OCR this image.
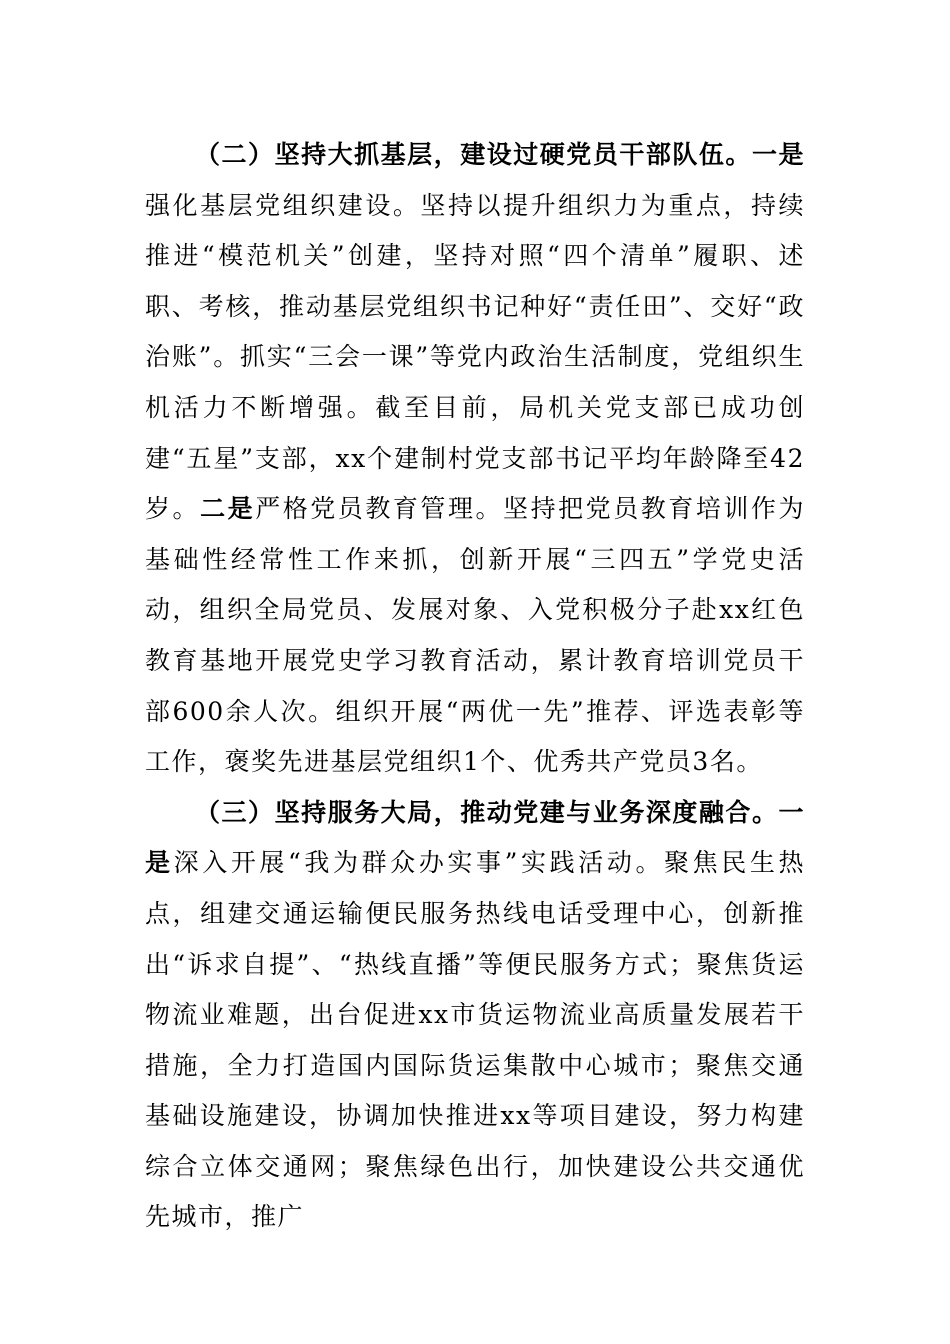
（二）坚持大抓基层，建设过硬党员干部队伍。一是强化基层党组织建设。坚持以提升组织力为重点，持续推进“模范机关”创建，坚持对照“四个清单”履职、述职、考核，推动基层党组织书记种好“责任田”、交好“政治账”。抓实“三会一课”等党内政治生活制度，党组织生机活力不断增强。截至目前，局机关党支部已成功创建“五星”支部，xx个建制村党支部书记平均年龄降至42岁。二是严格党员教育管理。坚持把党员教育培训作为基础性经常性工作来抓，创新开展“三四五”学党史活动，组织全局党员、发展对象、入党积极分子赴xx红色教育基地开展党史学习教育活动，累计教育培训党员干部600余人次。组织开展“两优一先”推荐、评选表彰等工作，褒奖先进基层党组织1个、优秀共产党员3名。

（三）坚持服务大局，推动党建与业务深度融合。一是深入开展“我为群众办实事”实践活动。聚焦民生热点，组建交通运输便民服务热线电话受理中心，创新推出“诉求自提”、“热线直播”等便民服务方式；聚焦货运物流业难题，出台促进xx市货运物流业高质量发展若干措施，全力打造国内国际货运集散中心城市；聚焦交通基础设施建设，协调加快推进xx等项目建设，努力构建综合立体交通网；聚焦绿色出行，加快建设公共交通优先城市，推广
